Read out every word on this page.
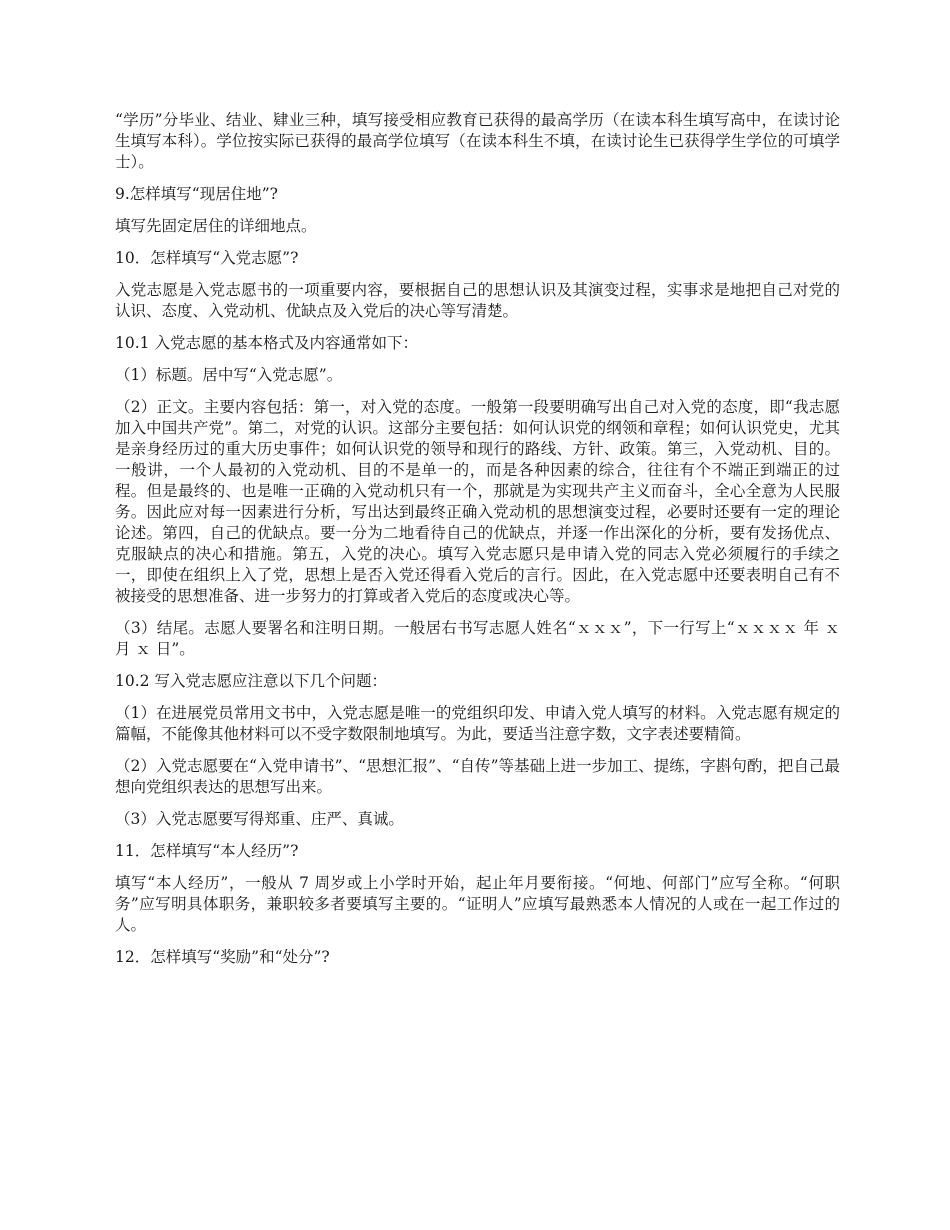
“学历”分毕业、结业、肄业三种，填写接受相应教育已获得的最高学历（在读本科生填写高中，在读讨论生填写本科）。学位按实际已获得的最高学位填写（在读本科生不填，在读讨论生已获得学生学位的可填学士）。

9.怎样填写“现居住地”?

填写先固定居住的详细地点。

10．怎样填写“入党志愿”?

入党志愿是入党志愿书的一项重要内容，要根据自己的思想认识及其演变过程，实事求是地把自己对党的认识、态度、入党动机、优缺点及入党后的决心等写清楚。

10.1 入党志愿的基本格式及内容通常如下：

（1）标题。居中写“入党志愿”。

（2）正文。主要内容包括：第一，对入党的态度。一般第一段要明确写出自己对入党的态度，即“我志愿加入中国共产党”。第二，对党的认识。这部分主要包括：如何认识党的纲领和章程；如何认识党史，尤其是亲身经历过的重大历史事件；如何认识党的领导和现行的路线、方针、政策。第三，入党动机、目的。一般讲，一个人最初的入党动机、目的不是单一的，而是各种因素的综合，往往有个不端正到端正的过程。但是最终的、也是唯一正确的入党动机只有一个，那就是为实现共产主义而奋斗，全心全意为人民服务。因此应对每一因素进行分析，写出达到最终正确入党动机的思想演变过程，必要时还要有一定的理论论述。第四，自己的优缺点。要一分为二地看待自己的优缺点，并逐一作出深化的分析，要有发扬优点、克服缺点的决心和措施。第五，入党的决心。填写入党志愿只是申请入党的同志入党必须履行的手续之一，即使在组织上入了党，思想上是否入党还得看入党后的言行。因此，在入党志愿中还要表明自己有不被接受的思想准备、进一步努力的打算或者入党后的态度或决心等。

（3）结尾。志愿人要署名和注明日期。一般居右书写志愿人姓名“ｘｘｘ”，下一行写上“ｘｘｘｘ 年 ｘ 月 ｘ 日”。

10.2 写入党志愿应注意以下几个问题：

（1）在进展党员常用文书中，入党志愿是唯一的党组织印发、申请入党人填写的材料。入党志愿有规定的篇幅，不能像其他材料可以不受字数限制地填写。为此，要适当注意字数，文字表述要精简。

（2）入党志愿要在“入党申请书”、“思想汇报”、“自传”等基础上进一步加工、提练，字斟句酌，把自己最想向党组织表达的思想写出来。

（3）入党志愿要写得郑重、庄严、真诚。

11．怎样填写“本人经历”?

填写“本人经历”，一般从 7 周岁或上小学时开始，起止年月要衔接。“何地、何部门”应写全称。“何职务”应写明具体职务，兼职较多者要填写主要的。“证明人”应填写最熟悉本人情况的人或在一起工作过的人。

12．怎样填写“奖励”和“处分”?
